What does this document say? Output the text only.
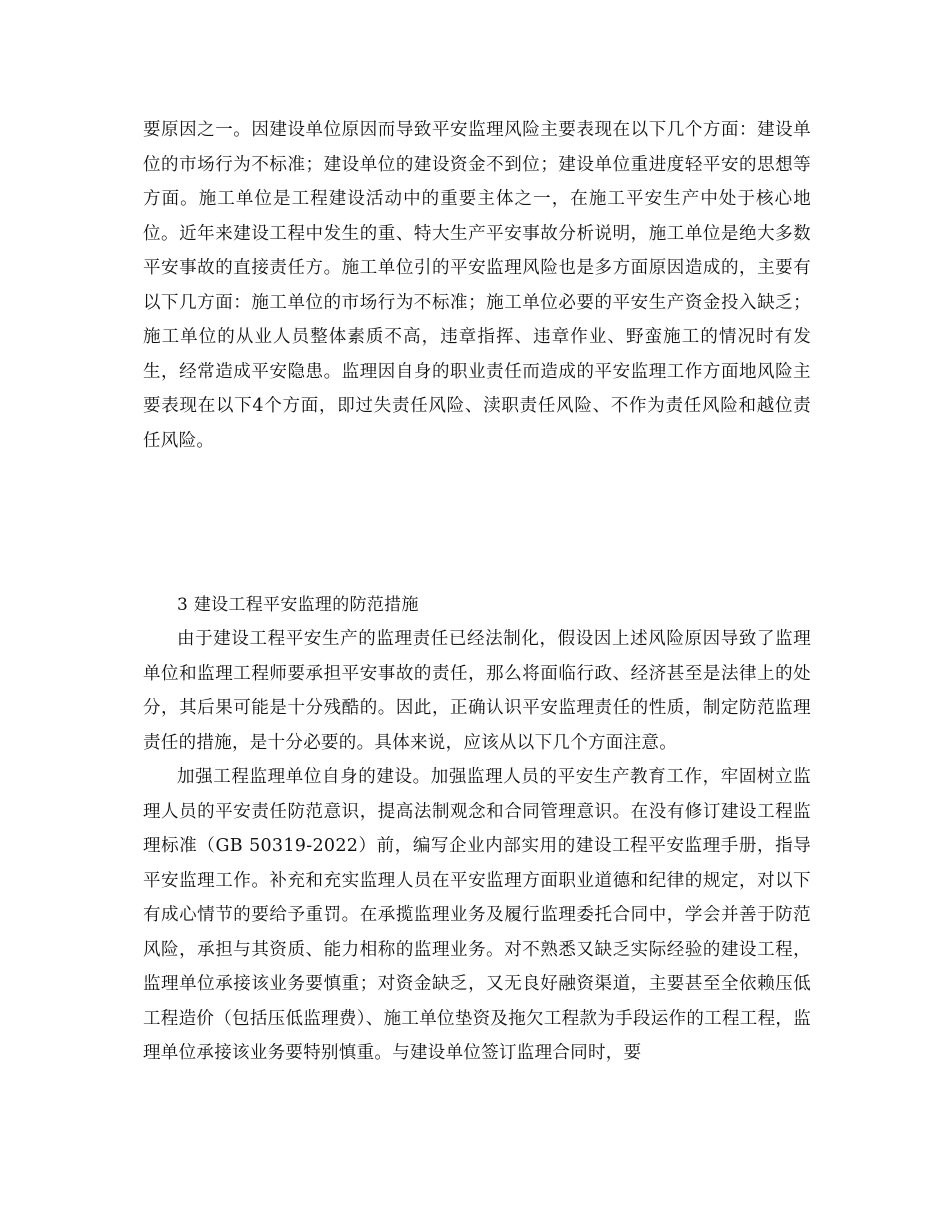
要原因之一。因建设单位原因而导致平安监理风险主要表现在以下几个方面：建设单位的市场行为不标准；建设单位的建设资金不到位；建设单位重进度轻平安的思想等方面。施工单位是工程建设活动中的重要主体之一，在施工平安生产中处于核心地位。近年来建设工程中发生的重、特大生产平安事故分析说明，施工单位是绝大多数平安事故的直接责任方。施工单位引的平安监理风险也是多方面原因造成的，主要有以下几方面：施工单位的市场行为不标准；施工单位必要的平安生产资金投入缺乏；施工单位的从业人员整体素质不高，违章指挥、违章作业、野蛮施工的情况时有发生，经常造成平安隐患。监理因自身的职业责任而造成的平安监理工作方面地风险主要表现在以下4个方面，即过失责任风险、渎职责任风险、不作为责任风险和越位责任风险。

3 建设工程平安监理的防范措施

由于建设工程平安生产的监理责任已经法制化，假设因上述风险原因导致了监理单位和监理工程师要承担平安事故的责任，那么将面临行政、经济甚至是法律上的处分，其后果可能是十分残酷的。因此，正确认识平安监理责任的性质，制定防范监理责任的措施，是十分必要的。具体来说，应该从以下几个方面注意。

加强工程监理单位自身的建设。加强监理人员的平安生产教育工作，牢固树立监理人员的平安责任防范意识，提高法制观念和合同管理意识。在没有修订建设工程监理标准（GB 50319-2022）前，编写企业内部实用的建设工程平安监理手册，指导平安监理工作。补充和充实监理人员在平安监理方面职业道德和纪律的规定，对以下有成心情节的要给予重罚。在承揽监理业务及履行监理委托合同中，学会并善于防范风险，承担与其资质、能力相称的监理业务。对不熟悉又缺乏实际经验的建设工程，监理单位承接该业务要慎重；对资金缺乏，又无良好融资渠道，主要甚至全依赖压低工程造价（包括压低监理费）、施工单位垫资及拖欠工程款为手段运作的工程工程，监理单位承接该业务要特别慎重。与建设单位签订监理合同时，要
